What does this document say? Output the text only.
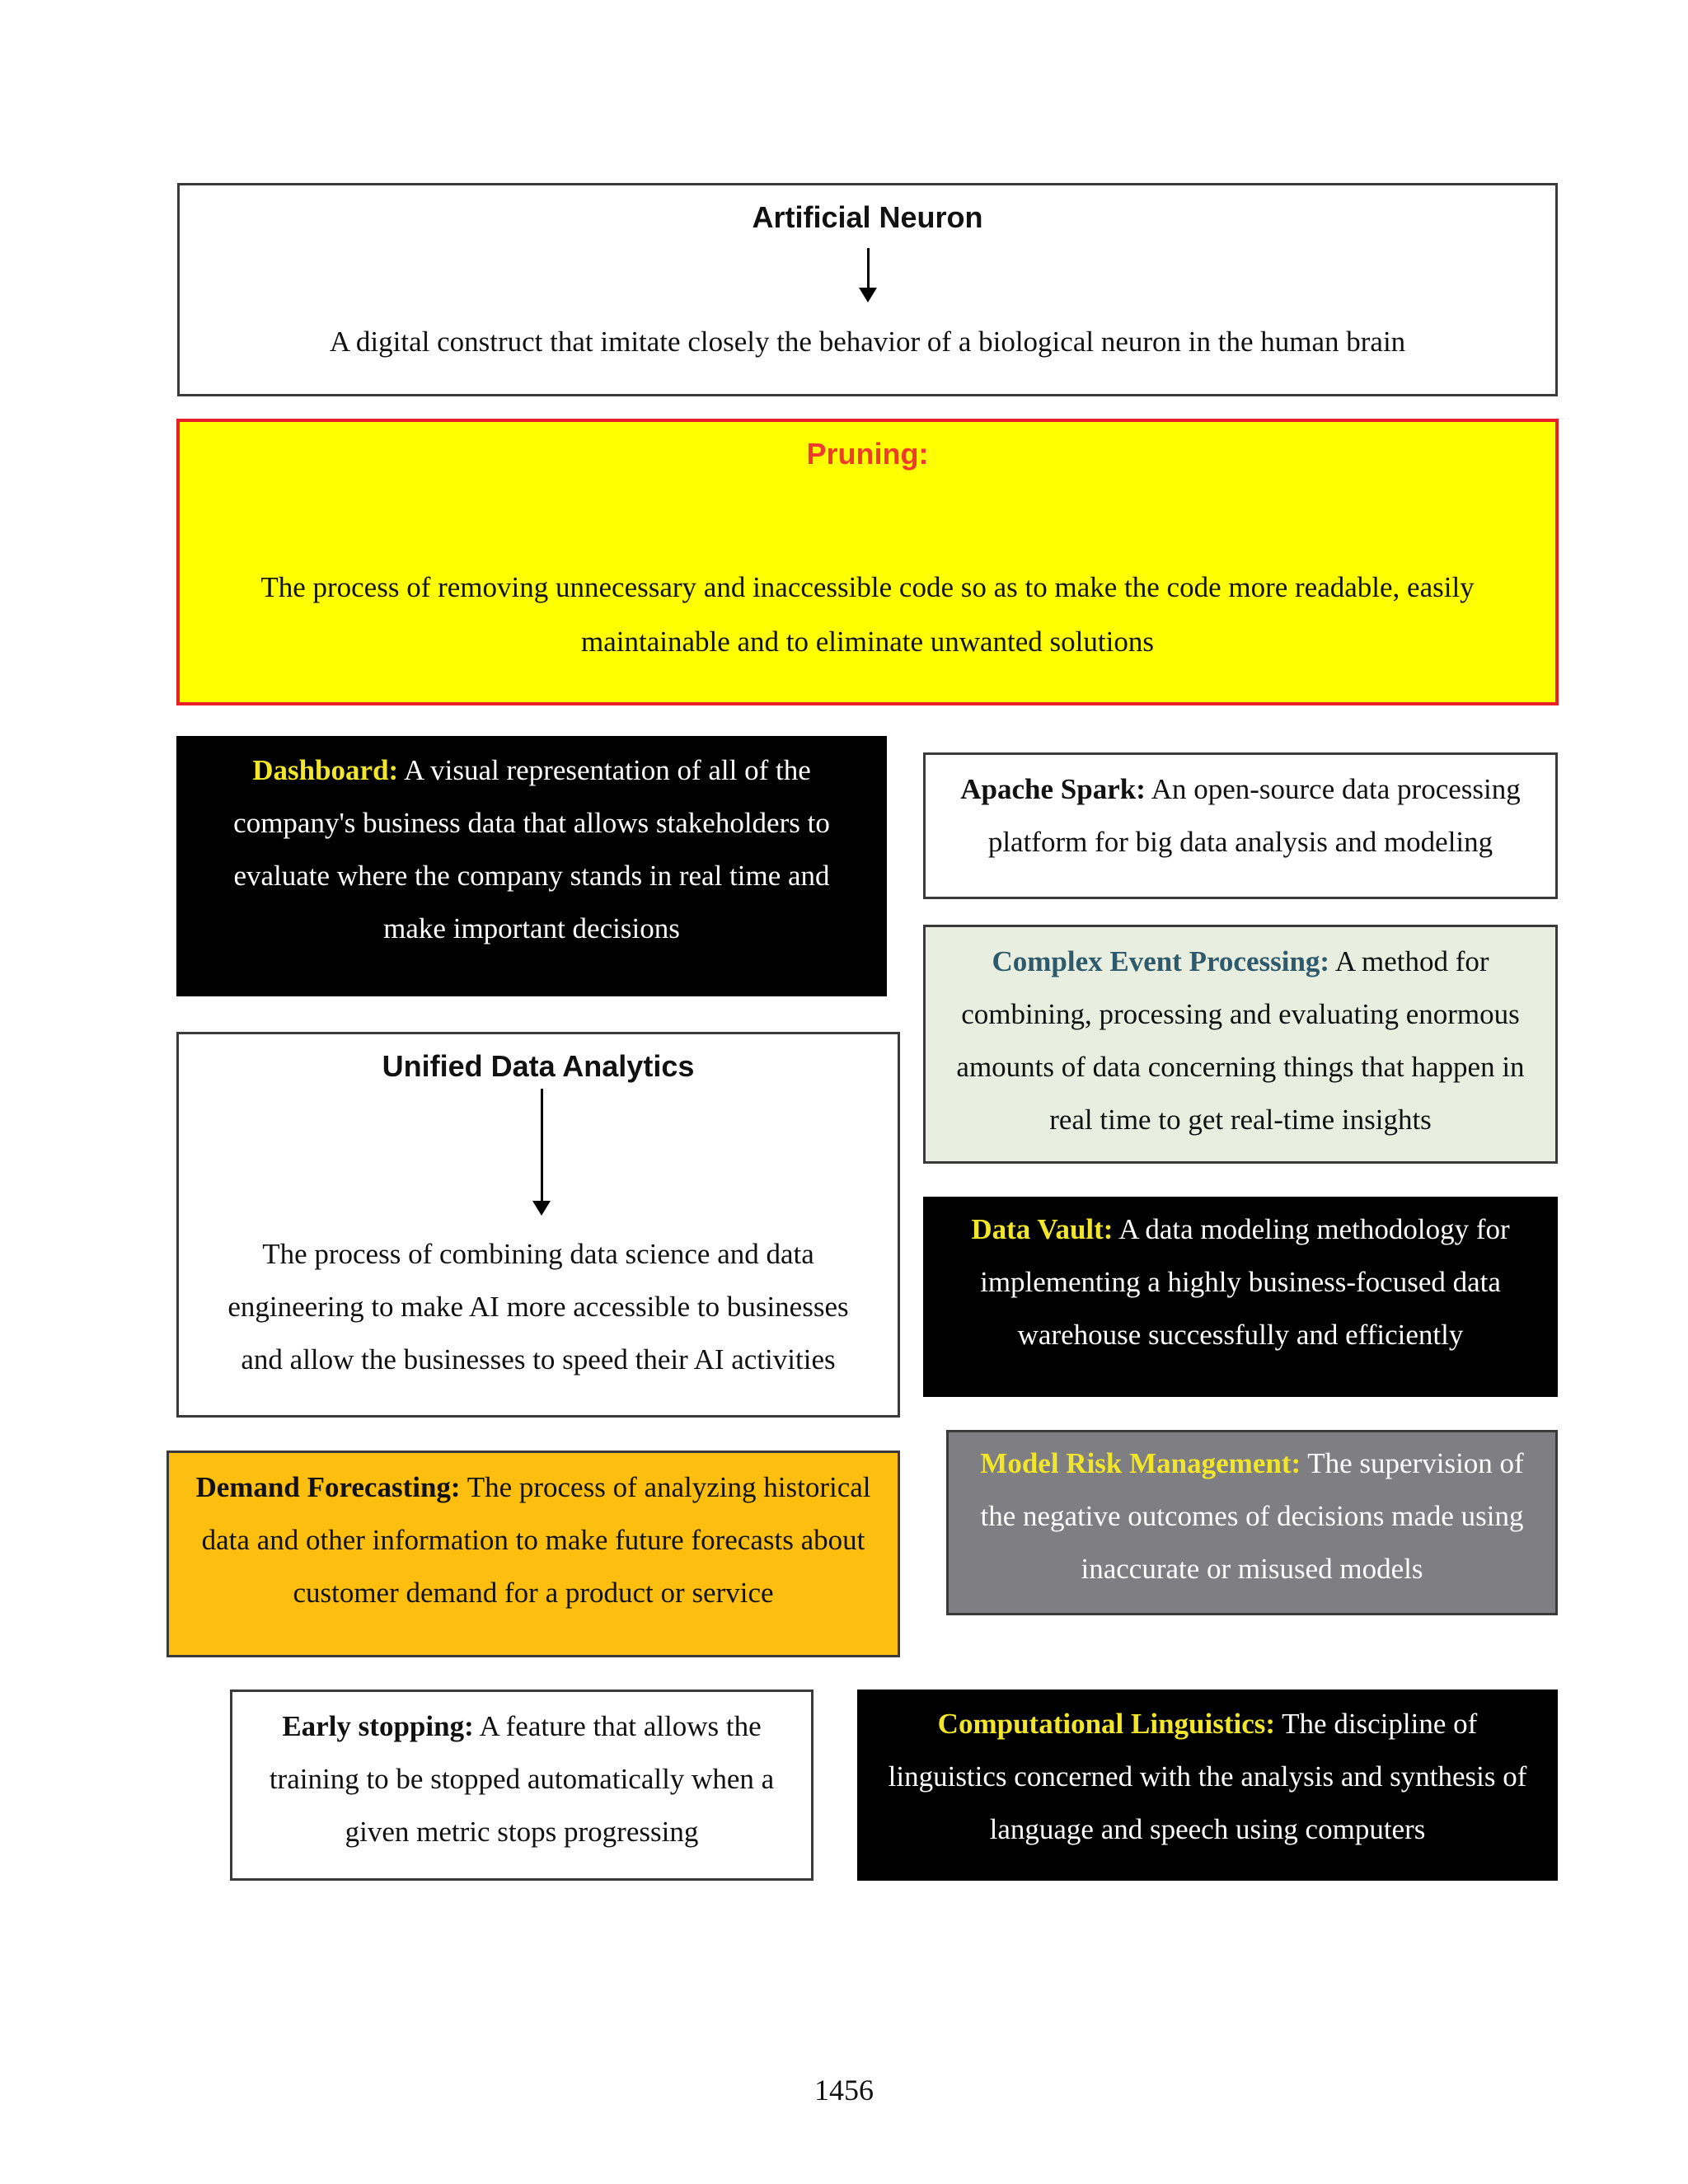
Artificial Neuron
A digital construct that imitate closely the behavior of a biological neuron in the human brain
Pruning:
The process of removing unnecessary and inaccessible code so as to make the code more readable, easily maintainable and to eliminate unwanted solutions
Dashboard: A visual representation of all of the company's business data that allows stakeholders to evaluate where the company stands in real time and make important decisions
Apache Spark: An open-source data processing platform for big data analysis and modeling
Complex Event Processing: A method for combining, processing and evaluating enormous amounts of data concerning things that happen in real time to get real-time insights
Unified Data Analytics
The process of combining data science and data engineering to make AI more accessible to businesses and allow the businesses to speed their AI activities
Data Vault: A data modeling methodology for implementing a highly business-focused data warehouse successfully and efficiently
Demand Forecasting: The process of analyzing historical data and other information to make future forecasts about customer demand for a product or service
Model Risk Management: The supervision of the negative outcomes of decisions made using inaccurate or misused models
Early stopping: A feature that allows the training to be stopped automatically when a given metric stops progressing
Computational Linguistics: The discipline of linguistics concerned with the analysis and synthesis of language and speech using computers
1456
